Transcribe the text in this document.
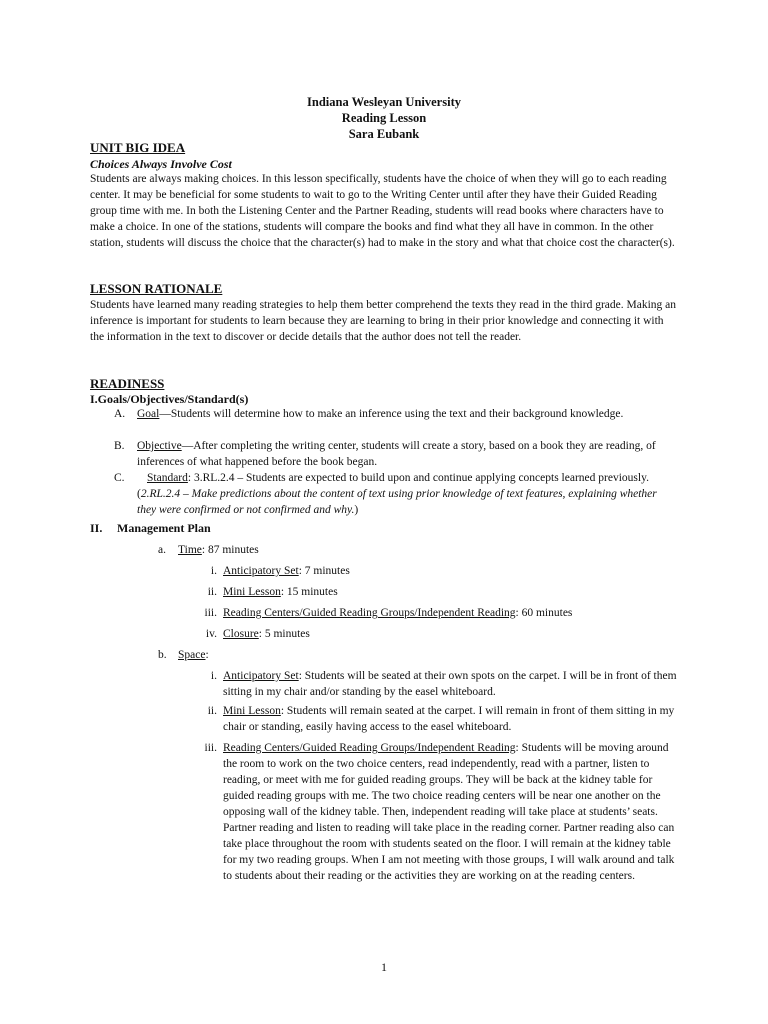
Indiana Wesleyan University
Reading Lesson
Sara Eubank
UNIT BIG IDEA
Choices Always Involve Cost
Students are always making choices. In this lesson specifically, students have the choice of when they will go to each reading center. It may be beneficial for some students to wait to go to the Writing Center until after they have their Guided Reading group time with me. In both the Listening Center and the Partner Reading, students will read books where characters have to make a choice. In one of the stations, students will compare the books and find what they all have in common. In the other station, students will discuss the choice that the character(s) had to make in the story and what that choice cost the character(s).
LESSON RATIONALE
Students have learned many reading strategies to help them better comprehend the texts they read in the third grade. Making an inference is important for students to learn because they are learning to bring in their prior knowledge and connecting it with the information in the text to discover or decide details that the author does not tell the reader.
READINESS
I.Goals/Objectives/Standard(s)
A. Goal—Students will determine how to make an inference using the text and their background knowledge.
B. Objective—After completing the writing center, students will create a story, based on a book they are reading, of inferences of what happened before the book began.
C.	Standard: 3.RL.2.4 – Students are expected to build upon and continue applying concepts learned previously. (2.RL.2.4 – Make predictions about the content of text using prior knowledge of text features, explaining whether they were confirmed or not confirmed and why.)
II. Management Plan
a. Time: 87 minutes
i. Anticipatory Set: 7 minutes
ii. Mini Lesson: 15 minutes
iii. Reading Centers/Guided Reading Groups/Independent Reading: 60 minutes
iv. Closure: 5 minutes
b. Space:
i. Anticipatory Set: Students will be seated at their own spots on the carpet. I will be in front of them sitting in my chair and/or standing by the easel whiteboard.
ii. Mini Lesson: Students will remain seated at the carpet. I will remain in front of them sitting in my chair or standing, easily having access to the easel whiteboard.
iii. Reading Centers/Guided Reading Groups/Independent Reading: Students will be moving around the room to work on the two choice centers, read independently, read with a partner, listen to reading, or meet with me for guided reading groups. They will be back at the kidney table for guided reading groups with me. The two choice reading centers will be near one another on the opposing wall of the kidney table. Then, independent reading will take place at students’ seats. Partner reading and listen to reading will take place in the reading corner. Partner reading also can take place throughout the room with students seated on the floor. I will remain at the kidney table for my two reading groups. When I am not meeting with those groups, I will walk around and talk to students about their reading or the activities they are working on at the reading centers.
1
